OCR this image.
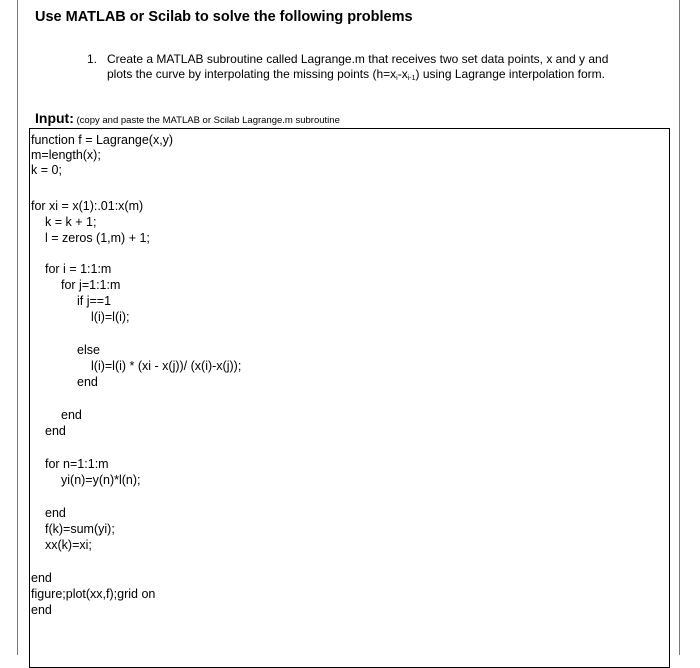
Use MATLAB or Scilab to solve the following problems
1. Create a MATLAB subroutine called Lagrange.m that receives two set data points, x and y and
plots the curve by interpolating the missing points $(h=x_i-x_{i-1})$ using Lagrange interpolation form.
Input: (copy and paste the MATLAB or Scilab Lagrange.m subroutine
function f = Lagrange(x,y)
m=length(x);
k = 0;
for xi = x(1):.01:x(m)
k = k + 1;
l = zeros (1,m) + 1;
for i = 1:1:m
for j=1:1:m
if j==1
l(i)=l(i);
else
l(i)=l(i) * (xi - x(j))/ (x(i)-x(j));
end
end
end
for n=1:1:m
yi(n)=y(n)*l(n);
end
f(k)=sum(yi);
xx(k)=xi;
end
figure;plot(xx,f);grid on
end
